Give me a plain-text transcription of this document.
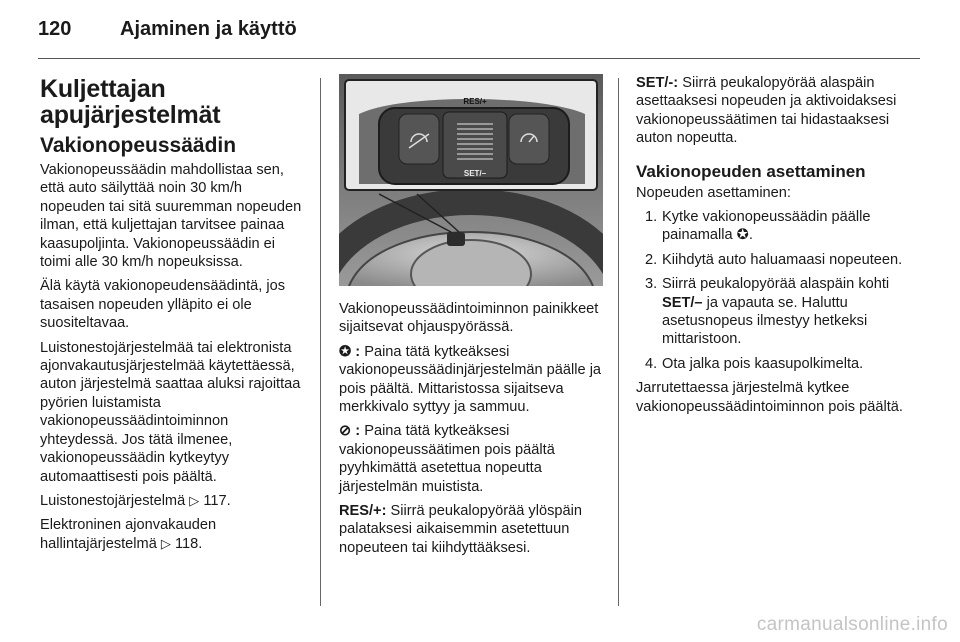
120 Ajaminen ja käyttö
Kuljettajan
apujärjestelmät
Vakionopeussäädin

Vakionopeussäädin mahdollistaa sen, että auto säilyttää noin 30 km/h nopeuden tai sitä suuremman nopeuden ilman, että kuljettajan tarvitsee painaa kaasupoljinta. Vakionopeussäädin ei toimi alle 30 km/h nopeuksissa.

Älä käytä vakionopeudensäädintä, jos tasaisen nopeuden ylläpito ei ole suositeltavaa.

Luistonestojärjestelmää tai elektronista ajonvakautusjärjestelmää käytettäessä, auton järjestelmä saattaa aluksi rajoittaa pyörien luistamista vakionopeussäädintoiminnon yhteydessä. Jos tätä ilmenee, vakionopeussäädin kytkeytyy automaattisesti pois päältä.

Luistonestojärjestelmä ▷ 117.

Elektroninen ajonvakauden hallintajärjestelmä ▷ 118.

RES/+
SET/–

Vakionopeussäädintoiminnon painikkeet sijaitsevat ohjauspyörässä.

✪ : Paina tätä kytkeäksesi vakionopeussäädinjärjestelmän päälle ja pois päältä. Mittaristossa sijaitseva merkkivalo syttyy ja sammuu.

⊘ : Paina tätä kytkeäksesi vakionopeussäätimen pois päältä pyyhkimättä asetettua nopeutta järjestelmän muistista.

RES/+: Siirrä peukalopyörää ylöspäin palataksesi aikaisemmin asetettuun nopeuteen tai kiihdyttääksesi.

SET/-: Siirrä peukalopyörää alaspäin asettaaksesi nopeuden ja aktivoidaksesi vakionopeussäätimen tai hidastaaksesi auton nopeutta.

Vakionopeuden asettaminen

Nopeuden asettaminen:

1. Kytke vakionopeussäädin päälle painamalla ✪.
2. Kiihdytä auto haluamaasi nopeuteen.
3. Siirrä peukalopyörää alaspäin kohti SET/– ja vapauta se. Haluttu asetusnopeus ilmestyy hetkeksi mittaristoon.
4. Ota jalka pois kaasupolkimelta.

Jarrutettaessa järjestelmä kytkee vakionopeussäädintoiminnon pois päältä.

carmanualsonline.info
